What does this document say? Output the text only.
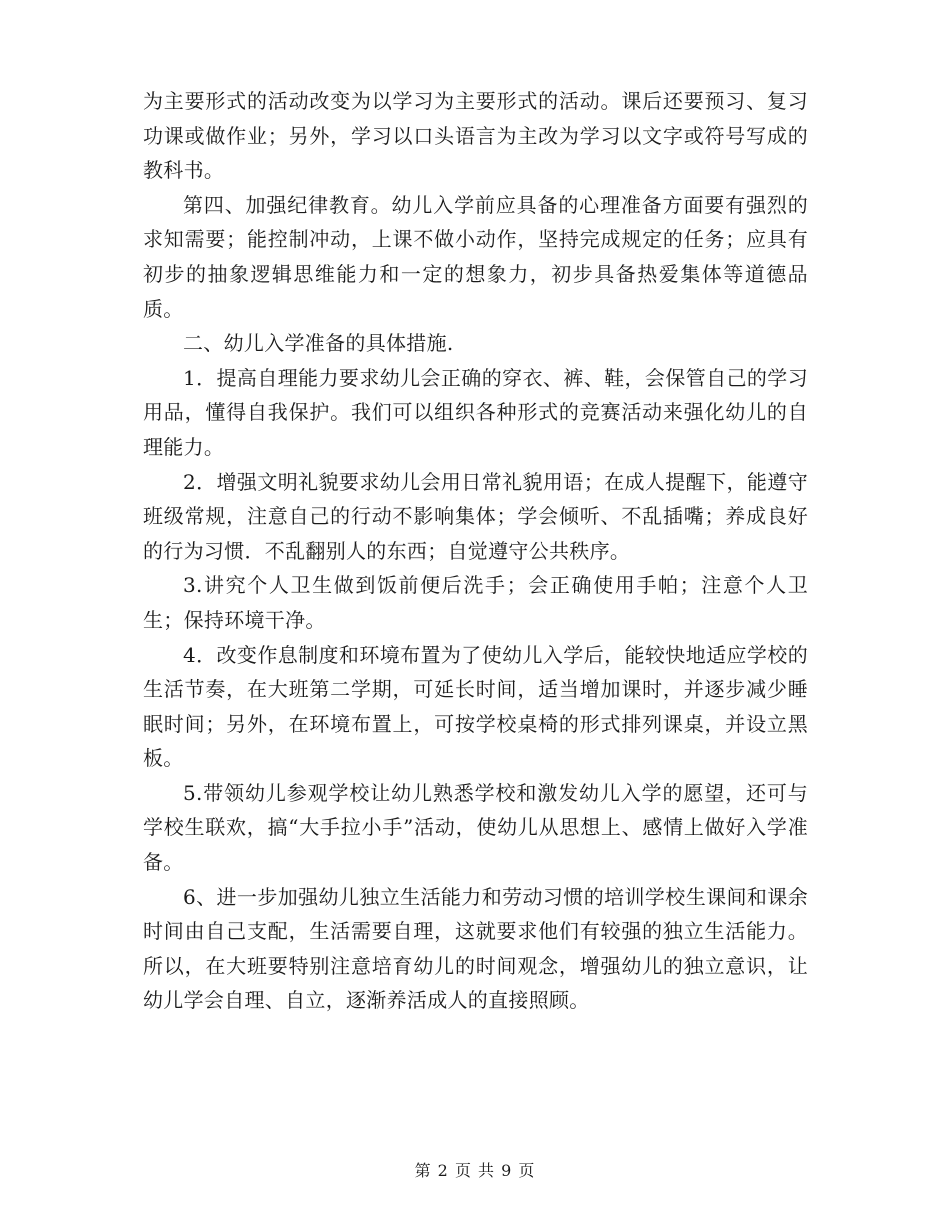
为主要形式的活动改变为以学习为主要形式的活动。课后还要预习、复习功课或做作业；另外，学习以口头语言为主改为学习以文字或符号写成的教科书。

第四、加强纪律教育。幼儿入学前应具备的心理准备方面要有强烈的求知需要；能控制冲动，上课不做小动作，坚持完成规定的任务；应具有初步的抽象逻辑思维能力和一定的想象力，初步具备热爱集体等道德品质。

二、幼儿入学准备的具体措施.

1．提高自理能力要求幼儿会正确的穿衣、裤、鞋，会保管自己的学习用品，懂得自我保护。我们可以组织各种形式的竞赛活动来强化幼儿的自理能力。

2．增强文明礼貌要求幼儿会用日常礼貌用语；在成人提醒下，能遵守班级常规，注意自己的行动不影响集体；学会倾听、不乱插嘴；养成良好的行为习惯．不乱翻别人的东西；自觉遵守公共秩序。

3.讲究个人卫生做到饭前便后洗手；会正确使用手帕；注意个人卫生；保持环境干净。

4．改变作息制度和环境布置为了使幼儿入学后，能较快地适应学校的生活节奏，在大班第二学期，可延长时间，适当增加课时，并逐步减少睡眠时间；另外，在环境布置上，可按学校桌椅的形式排列课桌，并设立黑板。

5.带领幼儿参观学校让幼儿熟悉学校和激发幼儿入学的愿望，还可与学校生联欢，搞“大手拉小手”活动，使幼儿从思想上、感情上做好入学准备。

6、进一步加强幼儿独立生活能力和劳动习惯的培训学校生课间和课余时间由自己支配，生活需要自理，这就要求他们有较强的独立生活能力。所以，在大班要特别注意培育幼儿的时间观念，增强幼儿的独立意识，让幼儿学会自理、自立，逐渐养活成人的直接照顾。

第 2 页 共 9 页
